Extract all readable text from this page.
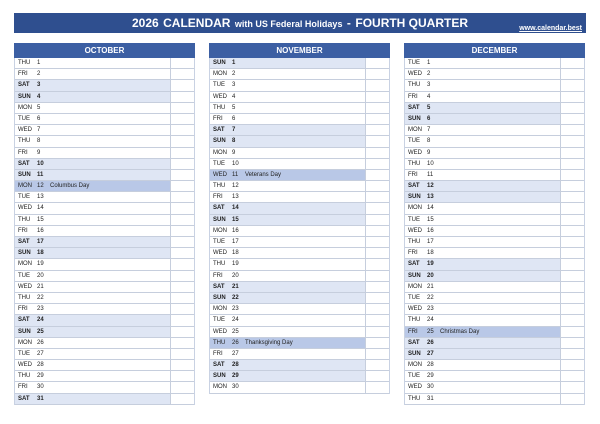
2026 CALENDAR with US Federal Holidays - FOURTH QUARTER	www.calendar.best
OCTOBER
THU	1
FRI	2
SAT	3
SUN	4
MON 5
TUE	6
WED 7
THU	8
FRI	9
SAT	10
SUN	11
MON 12	Columbus Day
TUE	13
WED 14
THU	15
FRI	16
SAT	17
SUN	18
MON 19
TUE	20
WED 21
THU	22
FRI	23
SAT	24
SUN	25
MON 26
TUE	27
WED 28
THU	29
FRI	30
SAT	31
NOVEMBER
SUN	1
MON 2
TUE	3
WED 4
THU	5
FRI	6
SAT	7
SUN	8
MON 9
TUE	10
WED 11	Veterans Day
THU	12
FRI	13
SAT	14
SUN	15
MON 16
TUE	17
WED 18
THU	19
FRI	20
SAT	21
SUN	22
MON 23
TUE	24
WED 25
THU	26	Thanksgiving Day
FRI	27
SAT	28
SUN	29
MON 30
DECEMBER
TUE	1
WED 2
THU	3
FRI	4
SAT	5
SUN	6
MON 7
TUE	8
WED 9
THU	10
FRI	11
SAT	12
SUN	13
MON 14
TUE	15
WED 16
THU	17
FRI	18
SAT	19
SUN	20
MON 21
TUE	22
WED 23
THU	24
FRI	25	Christmas Day
SAT	26
SUN	27
MON 28
TUE	29
WED 30
THU	31
